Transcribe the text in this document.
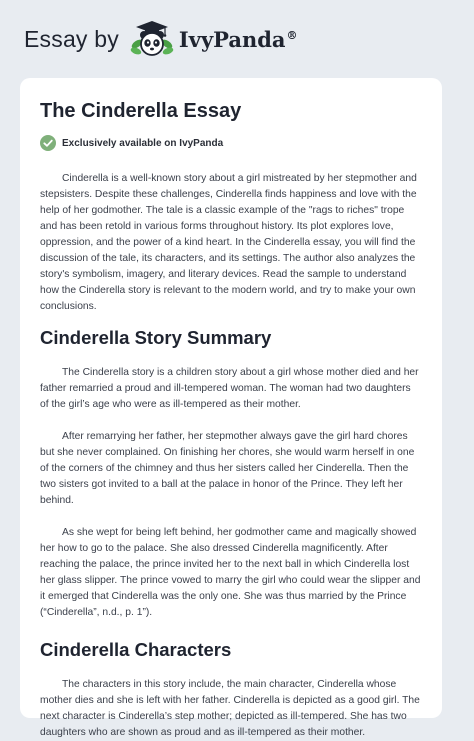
Essay by	IvyPanda®
The Cinderella Essay
Exclusively available on IvyPanda

Cinderella is a well-known story about a girl mistreated by her stepmother and stepsisters. Despite these challenges, Cinderella finds happiness and love with the help of her godmother. The tale is a classic example of the "rags to riches" trope and has been retold in various forms throughout history. Its plot explores love, oppression, and the power of a kind heart. In the Cinderella essay, you will find the discussion of the tale, its characters, and its settings. The author also analyzes the story's symbolism, imagery, and literary devices. Read the sample to understand how the Cinderella story is relevant to the modern world, and try to make your own conclusions.

Cinderella Story Summary

The Cinderella story is a children story about a girl whose mother died and her father remarried a proud and ill-tempered woman. The woman had two daughters of the girl’s age who were as ill-tempered as their mother.

After remarrying her father, her stepmother always gave the girl hard chores but she never complained. On finishing her chores, she would warm herself in one of the corners of the chimney and thus her sisters called her Cinderella. Then the two sisters got invited to a ball at the palace in honor of the Prince. They left her behind.

As she wept for being left behind, her godmother came and magically showed her how to go to the palace. She also dressed Cinderella magnificently. After reaching the palace, the prince invited her to the next ball in which Cinderella lost her glass slipper. The prince vowed to marry the girl who could wear the slipper and it emerged that Cinderella was the only one. She was thus married by the Prince (“Cinderella”, n.d., p. 1”).

Cinderella Characters

The characters in this story include, the main character, Cinderella whose mother dies and she is left with her father. Cinderella is depicted as a good girl. The next character is Cinderella’s step mother; depicted as ill-tempered. She has two daughters who are shown as proud and as ill-tempered as their mother.
